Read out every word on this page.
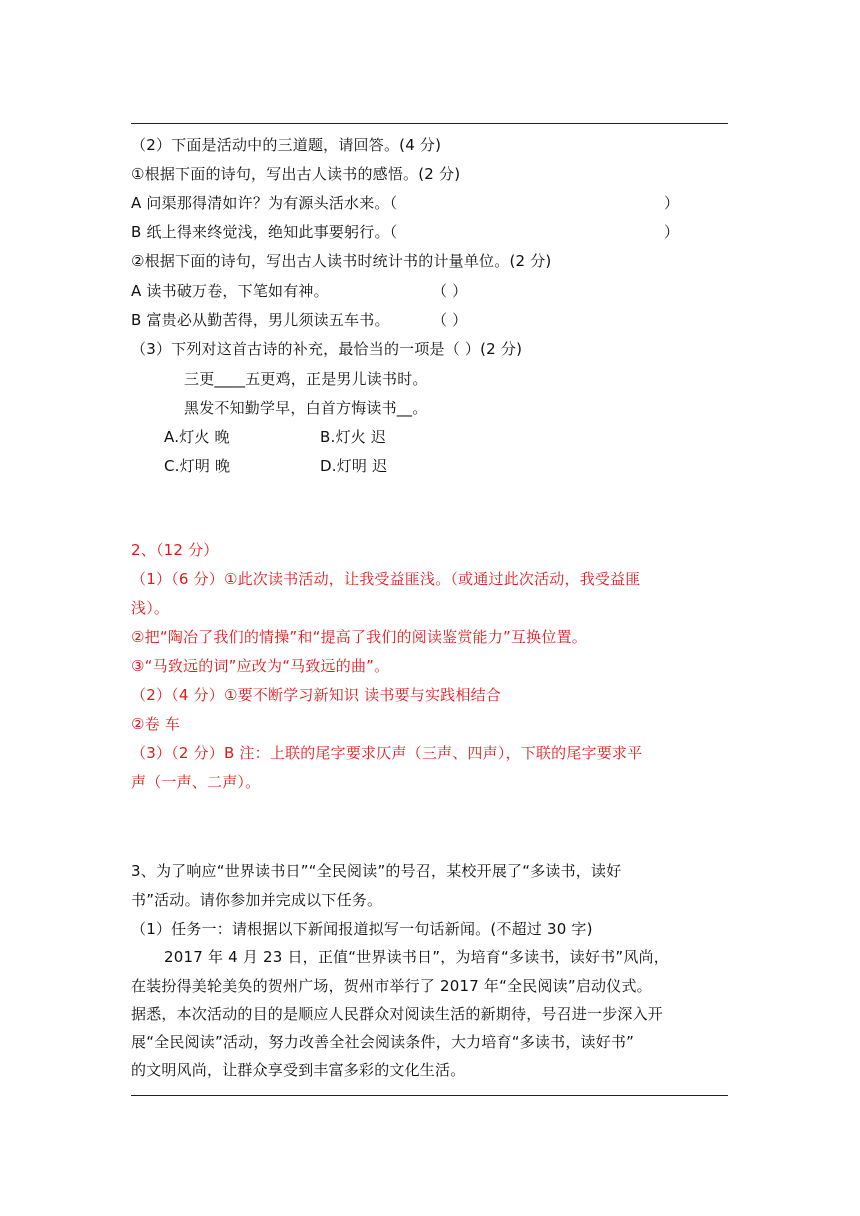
（2）下面是活动中的三道题，请回答。(4 分)
①根据下面的诗句，写出古人读书的感悟。(2 分)
A 问渠那得清如许？为有源头活水来。（	）
B 纸上得来终觉浅，绝知此事要躬行。（	）
②根据下面的诗句，写出古人读书时统计书的计量单位。(2 分)
A 读书破万卷，下笔如有神。	（ ）
B 富贵必从勤苦得，男儿须读五车书。	（ ）
（3）下列对这首古诗的补充，最恰当的一项是（ ）(2 分)
三更____五更鸡，正是男儿读书时。
黑发不知勤学早，白首方悔读书__。
A.灯火 晚	B.灯火 迟
C.灯明 晚	D.灯明 迟
2、（12 分）
（1）（6 分）①此次读书活动，让我受益匪浅。（或通过此次活动，我受益匪
浅）。
②把“陶冶了我们的情操”和“提高了我们的阅读鉴赏能力”互换位置。
③“马致远的词”应改为“马致远的曲”。
（2）（4 分）①要不断学习新知识 读书要与实践相结合
②卷 车
（3）（2 分）B 注：上联的尾字要求仄声（三声、四声），下联的尾字要求平
声（一声、二声）。
3、为了响应“世界读书日”“全民阅读”的号召，某校开展了“多读书，读好
书”活动。请你参加并完成以下任务。
（1）任务一：请根据以下新闻报道拟写一句话新闻。(不超过 30 字)
2017 年 4 月 23 日，正值“世界读书日”，为培育“多读书，读好书”风尚，
在装扮得美轮美奂的贺州广场，贺州市举行了 2017 年“全民阅读”启动仪式。
据悉，本次活动的目的是顺应人民群众对阅读生活的新期待，号召进一步深入开
展“全民阅读”活动，努力改善全社会阅读条件，大力培育“多读书，读好书”
的文明风尚，让群众享受到丰富多彩的文化生活。
